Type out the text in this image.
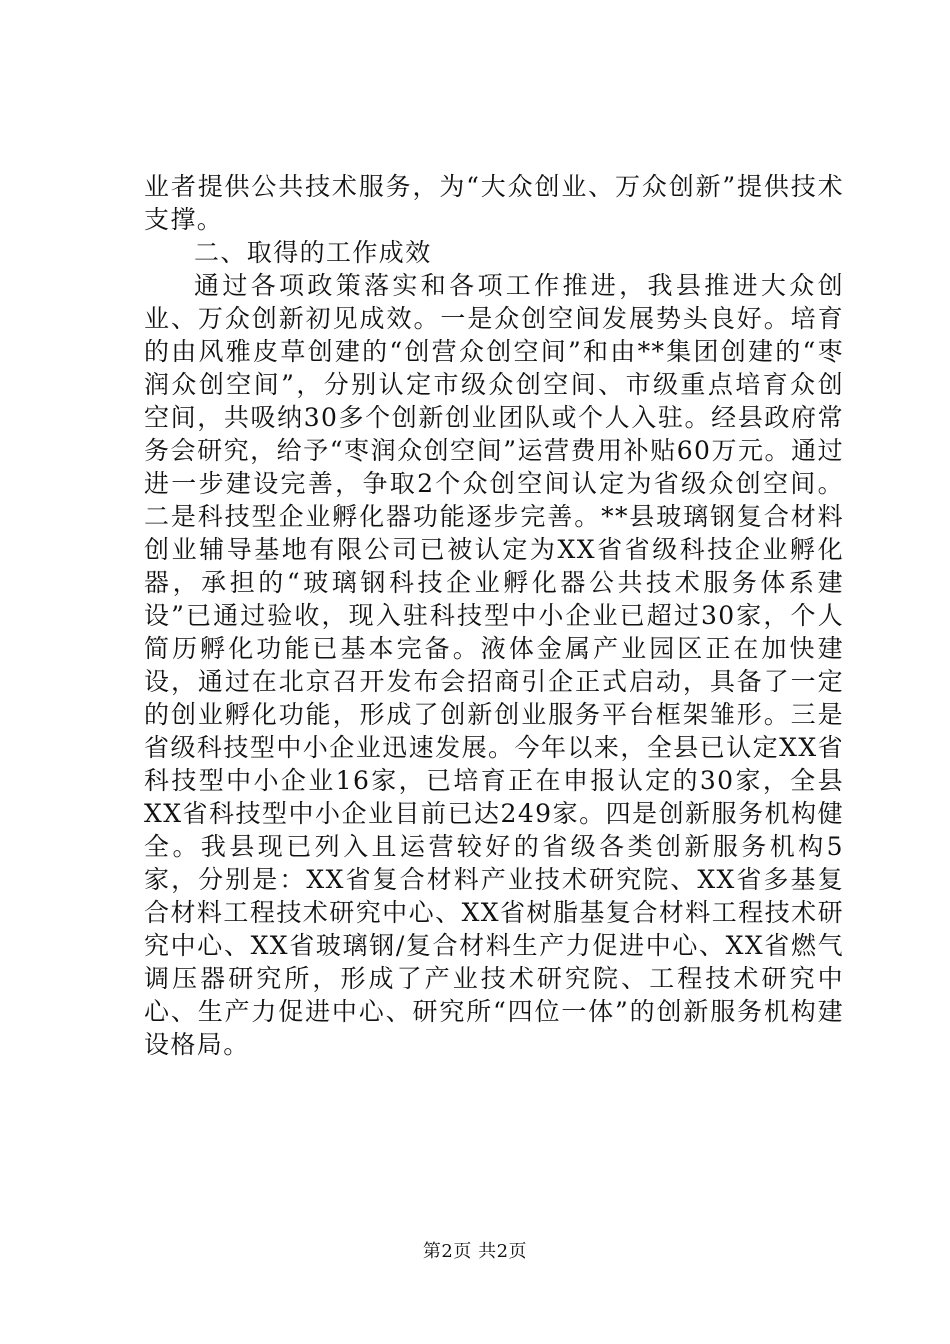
业者提供公共技术服务，为“大众创业、万众创新”提供技术支撑。

二、取得的工作成效

通过各项政策落实和各项工作推进，我县推进大众创业、万众创新初见成效。一是众创空间发展势头良好。培育的由风雅皮草创建的“创营众创空间”和由**集团创建的“枣润众创空间”，分别认定市级众创空间、市级重点培育众创空间，共吸纳30多个创新创业团队或个人入驻。经县政府常务会研究，给予“枣润众创空间”运营费用补贴60万元。通过进一步建设完善，争取2个众创空间认定为省级众创空间。二是科技型企业孵化器功能逐步完善。**县玻璃钢复合材料创业辅导基地有限公司已被认定为XX省省级科技企业孵化器，承担的“玻璃钢科技企业孵化器公共技术服务体系建设”已通过验收，现入驻科技型中小企业已超过30家，个人简历孵化功能已基本完备。液体金属产业园区正在加快建设，通过在北京召开发布会招商引企正式启动，具备了一定的创业孵化功能，形成了创新创业服务平台框架雏形。三是省级科技型中小企业迅速发展。今年以来，全县已认定XX省科技型中小企业16家，已培育正在申报认定的30家，全县XX省科技型中小企业目前已达249家。四是创新服务机构健全。我县现已列入且运营较好的省级各类创新服务机构5家，分别是：XX省复合材料产业技术研究院、XX省多基复合材料工程技术研究中心、XX省树脂基复合材料工程技术研究中心、XX省玻璃钢/复合材料生产力促进中心、XX省燃气调压器研究所，形成了产业技术研究院、工程技术研究中心、生产力促进中心、研究所“四位一体”的创新服务机构建设格局。

第2页 共2页
